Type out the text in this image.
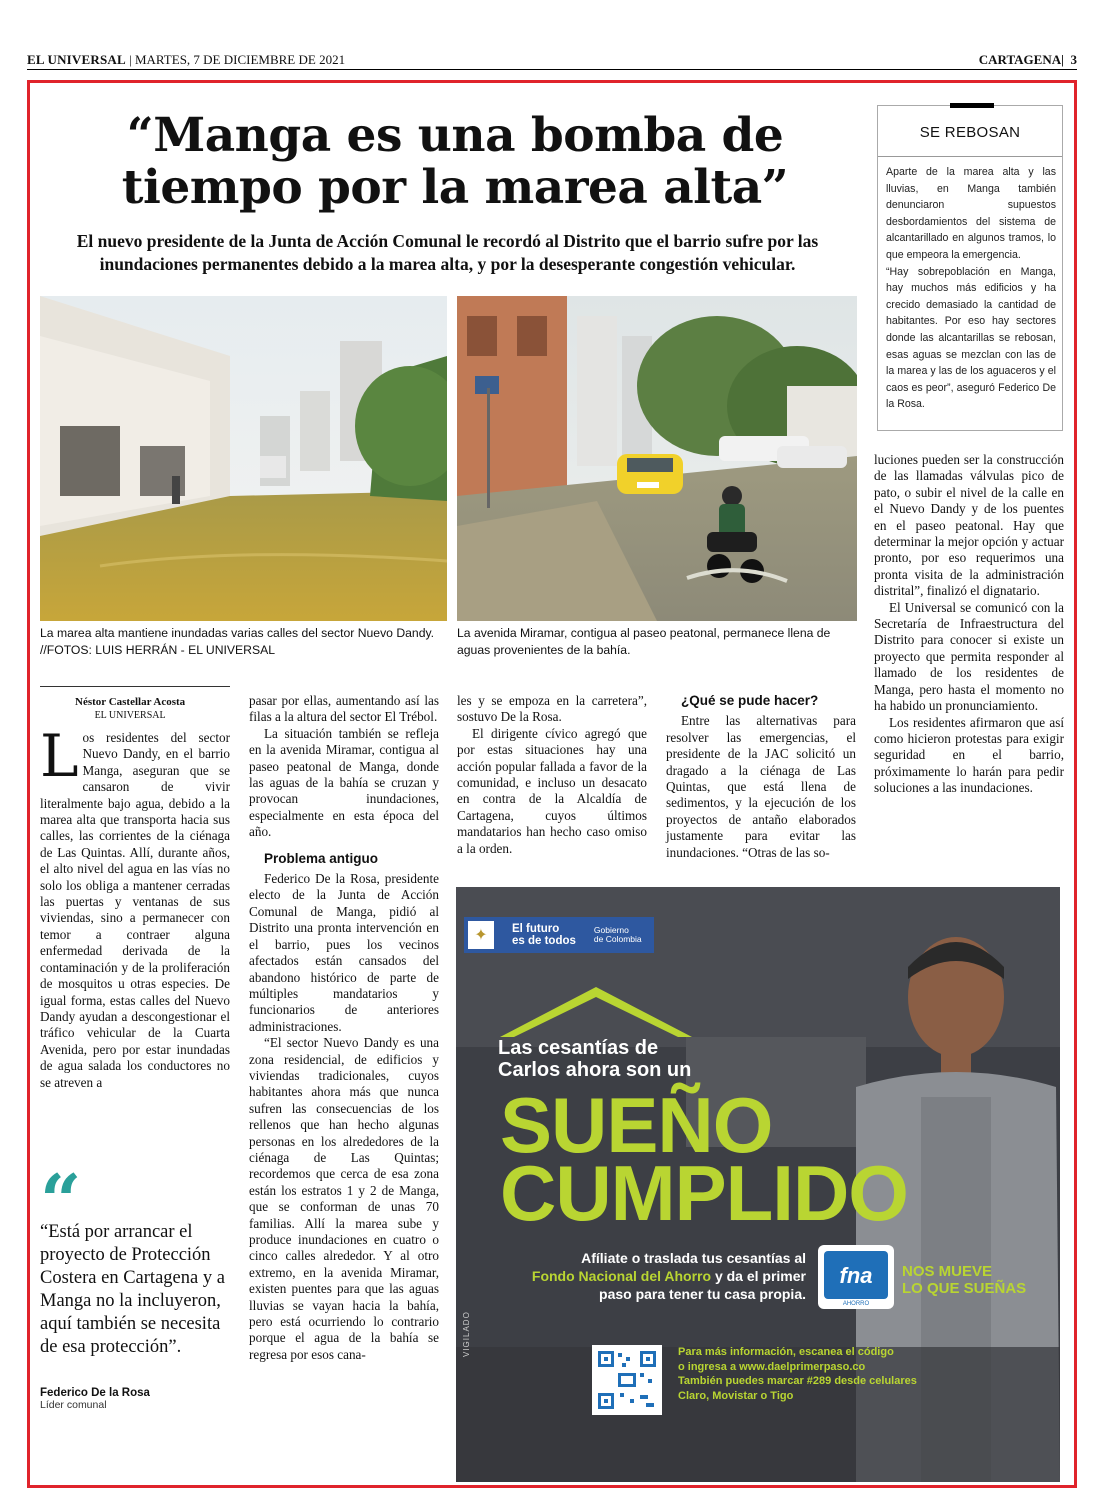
EL UNIVERSAL | MARTES, 7 DE DICIEMBRE DE 2021	CARTAGENA|  3
“Manga es una bomba de
tiempo por la marea alta”
El nuevo presidente de la Junta de Acción Comunal le recordó al Distrito que el barrio sufre por las inundaciones permanentes debido a la marea alta, y por la desesperante congestión vehicular.
SE REBOSAN

Aparte de la marea alta y las lluvias, en Manga también denunciaron supuestos desbordamientos del sistema de alcantarillado en algunos tramos, lo que empeora la emergencia.

“Hay sobrepoblación en Manga, hay muchos más edificios y ha crecido demasiado la cantidad de habitantes. Por eso hay sectores donde las alcantarillas se rebosan, esas aguas se mezclan con las de la marea y las de los aguaceros y el caos es peor”, aseguró Federico De la Rosa.

La marea alta mantiene inundadas varias calles del sector Nuevo Dandy. //FOTOS: LUIS HERRÁN - EL UNIVERSAL
La avenida Miramar, contigua al paseo peatonal, permanece llena de aguas provenientes de la bahía.
Néstor Castellar Acosta
EL UNIVERSAL

Los residentes del sector Nuevo Dandy, en el barrio Manga, aseguran que se cansaron de vivir literalmente bajo agua, debido a la marea alta que transporta hacia sus calles, las corrientes de la ciénaga de Las Quintas. Allí, durante años, el alto nivel del agua en las vías no solo los obliga a mantener cerradas las puertas y ventanas de sus viviendas, sino a permanecer con temor a contraer alguna enfermedad derivada de la contaminación y de la proliferación de mosquitos u otras especies. De igual forma, estas calles del Nuevo Dandy ayudan a descongestionar el tráfico vehicular de la Cuarta Avenida, pero por estar inundadas de agua salada los conductores no se atreven a

“
“Está por arrancar el proyecto de Protección Costera en Cartagena y a Manga no la incluyeron, aquí también se necesita de esa protección”.
Federico De la Rosa
Líder comunal

pasar por ellas, aumentando así las filas a la altura del sector El Trébol.

La situación también se refleja en la avenida Miramar, contigua al paseo peatonal de Manga, donde las aguas de la bahía se cruzan y provocan inundaciones, especialmente en esta época del año.

Problema antiguo

Federico De la Rosa, presidente electo de la Junta de Acción Comunal de Manga, pidió al Distrito una pronta intervención en el barrio, pues los vecinos afectados están cansados del abandono histórico de parte de múltiples mandatarios y funcionarios de anteriores administraciones.

“El sector Nuevo Dandy es una zona residencial, de edificios y viviendas tradicionales, cuyos habitantes ahora más que nunca sufren las consecuencias de los rellenos que han hecho algunas personas en los alrededores de la ciénaga de Las Quintas; recordemos que cerca de esa zona están los estratos 1 y 2 de Manga, que se conforman de unas 70 familias. Allí la marea sube y produce inundaciones en cuatro o cinco calles alrededor. Y al otro extremo, en la avenida Miramar, existen puentes para que las aguas lluvias se vayan hacia la bahía, pero está ocurriendo lo contrario porque el agua de la bahía se regresa por esos cana-

les y se empoza en la carretera”, sostuvo De la Rosa.

El dirigente cívico agregó que por estas situaciones hay una acción popular fallada a favor de la comunidad, e incluso un desacato en contra de la Alcaldía de Cartagena, cuyos últimos mandatarios han hecho caso omiso a la orden.

¿Qué se pude hacer?

Entre las alternativas para resolver las emergencias, el presidente de la JAC solicitó un dragado a la ciénaga de Las Quintas, que está llena de sedimentos, y la ejecución de los proyectos de antaño elaborados justamente para evitar las inundaciones. “Otras de las so-

luciones pueden ser la construcción de las llamadas válvulas pico de pato, o subir el nivel de la calle en el Nuevo Dandy y de los puentes en el paseo peatonal. Hay que determinar la mejor opción y actuar pronto, por eso requerimos una pronta visita de la administración distrital”, finalizó el dignatario.

El Universal se comunicó con la Secretaría de Infraestructura del Distrito para conocer si existe un proyecto que permita responder al llamado de los residentes de Manga, pero hasta el momento no ha habido un pronunciamiento.

Los residentes afirmaron que así como hicieron protestas para exigir seguridad en el barrio, próximamente lo harán para pedir soluciones a las inundaciones.

✦	El futuro
es de todos
Gobierno
de Colombia
VIGILADO
Las cesantías de
Carlos ahora son un
SUEÑO
CUMPLIDO
Afíliate o traslada tus cesantías al
Fondo Nacional del Ahorro y da el primer
paso para tener tu casa propia.
fna
AHORRO
NOS MUEVE
LO QUE SUEÑAS
Para más información, escanea el código
o ingresa a www.daelprimerpaso.co
También puedes marcar #289 desde celulares
Claro, Movistar o Tigo
